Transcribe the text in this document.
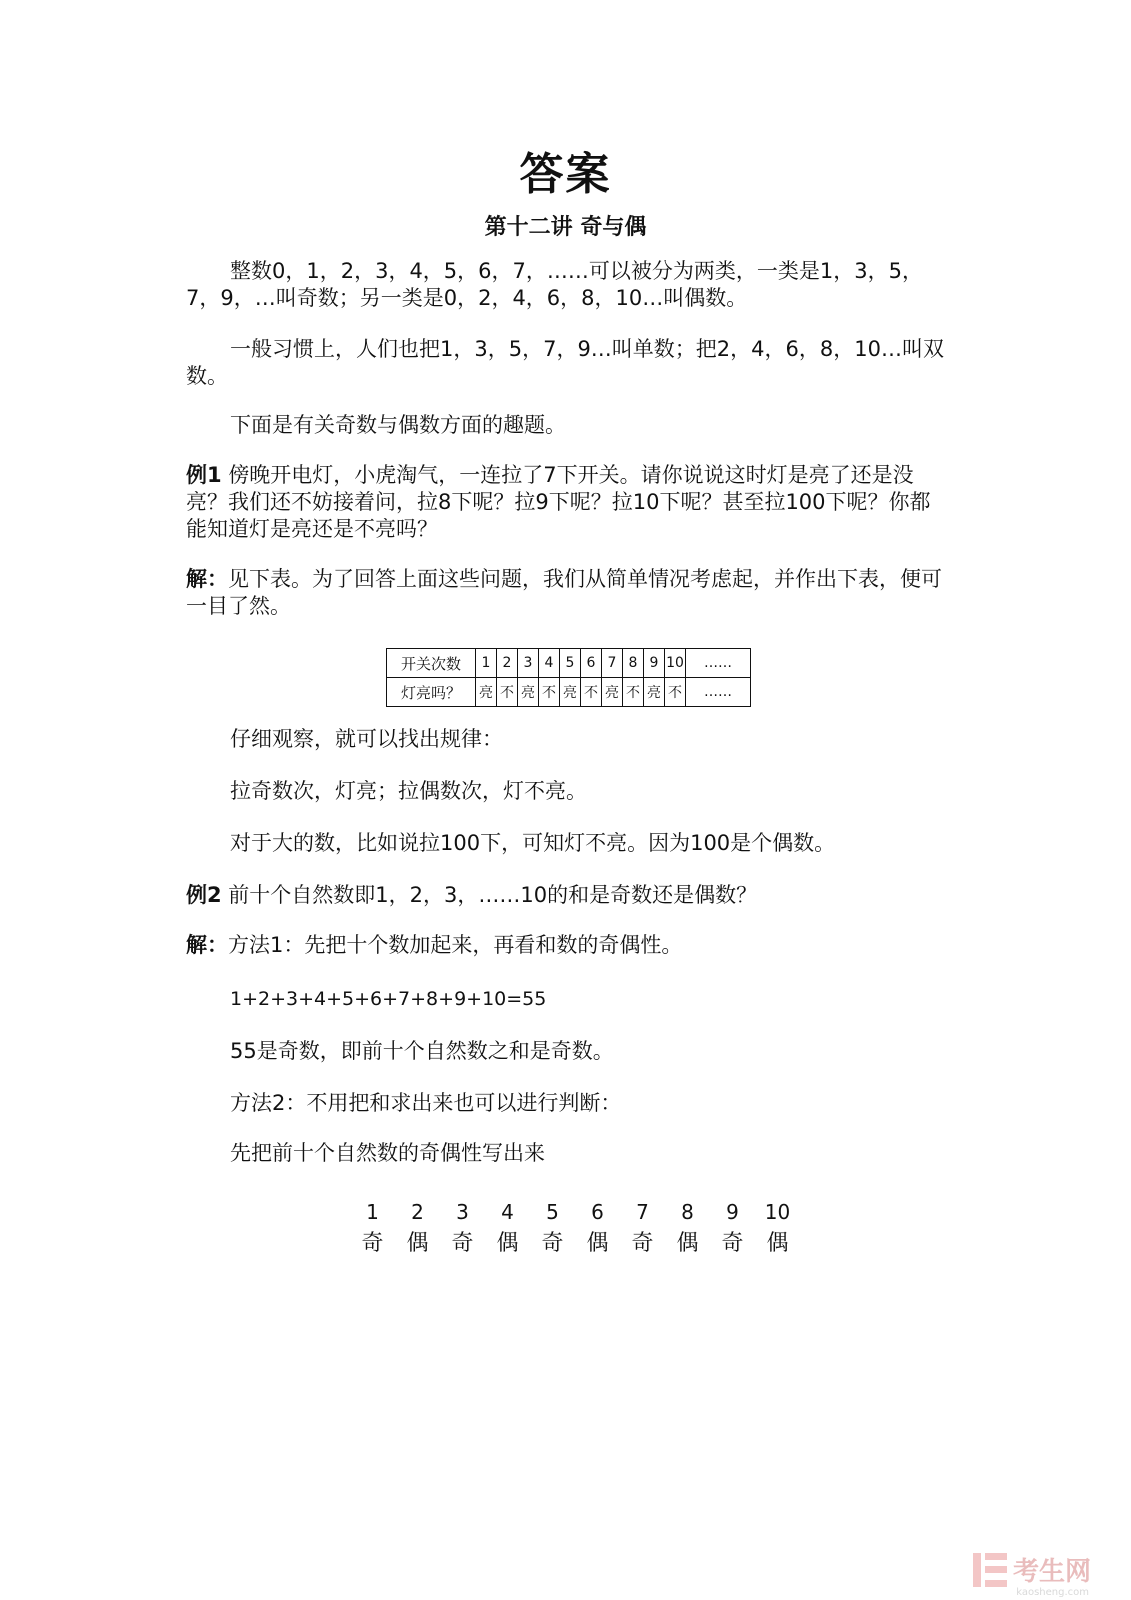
答案
第十二讲 奇与偶
整数0，1，2，3，4，5，6，7，……可以被分为两类，一类是1，3，5，7，9，…叫奇数；另一类是0，2，4，6，8，10…叫偶数。
一般习惯上，人们也把1，3，5，7，9…叫单数；把2，4，6，8，10…叫双数。
下面是有关奇数与偶数方面的趣题。
例1 傍晚开电灯，小虎淘气，一连拉了7下开关。请你说说这时灯是亮了还是没亮？我们还不妨接着问，拉8下呢？拉9下呢？拉10下呢？甚至拉100下呢？你都能知道灯是亮还是不亮吗？
解：见下表。为了回答上面这些问题，我们从简单情况考虑起，并作出下表，便可一目了然。
开关次数	1	2	3	4	5	6	7	8	9	10	……
灯亮吗？	亮	不	亮	不	亮	不	亮	不	亮	不	……
仔细观察，就可以找出规律：
拉奇数次，灯亮；拉偶数次，灯不亮。
对于大的数，比如说拉100下，可知灯不亮。因为100是个偶数。
例2 前十个自然数即1，2，3，……10的和是奇数还是偶数？
解：方法1：先把十个数加起来，再看和数的奇偶性。
1+2+3+4+5+6+7+8+9+10=55
55是奇数，即前十个自然数之和是奇数。
方法2：不用把和求出来也可以进行判断：
先把前十个自然数的奇偶性写出来
1	2	3	4	5	6	7	8	9	10
奇	偶	奇	偶	奇	偶	奇	偶	奇	偶
考生网
kaosheng.com
